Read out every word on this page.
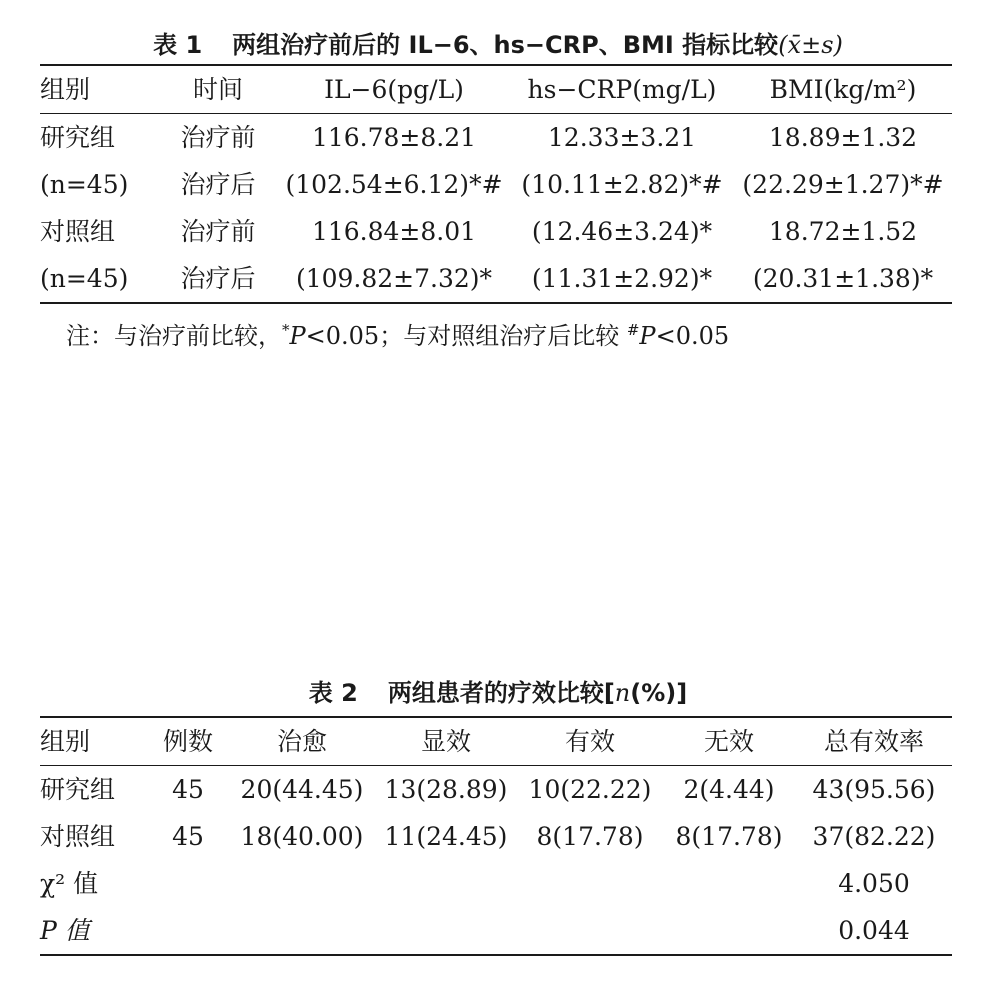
表 1 两组治疗前后的 IL−6、hs−CRP、BMI 指标比较(x̄±s)
组别	时间	IL−6(pg/L)	hs−CRP(mg/L)	BMI(kg/m²)
研究组	治疗前	116.78±8.21	12.33±3.21	18.89±1.32
(n=45)	治疗后	(102.54±6.12)*#	(10.11±2.82)*#	(22.29±1.27)*#
对照组	治疗前	116.84±8.01	(12.46±3.24)*	18.72±1.52
(n=45)	治疗后	(109.82±7.32)*	(11.31±2.92)*	(20.31±1.38)*
注：与治疗前比较，*P<0.05；与对照组治疗后比较 #P<0.05
表 2 两组患者的疗效比较[n(%)]
组别	例数	治愈	显效	有效	无效	总有效率
研究组	45	20(44.45)	13(28.89)	10(22.22)	2(4.44)	43(95.56)
对照组	45	18(40.00)	11(24.45)	8(17.78)	8(17.78)	37(82.22)
χ² 值						4.050
P 值						0.044
